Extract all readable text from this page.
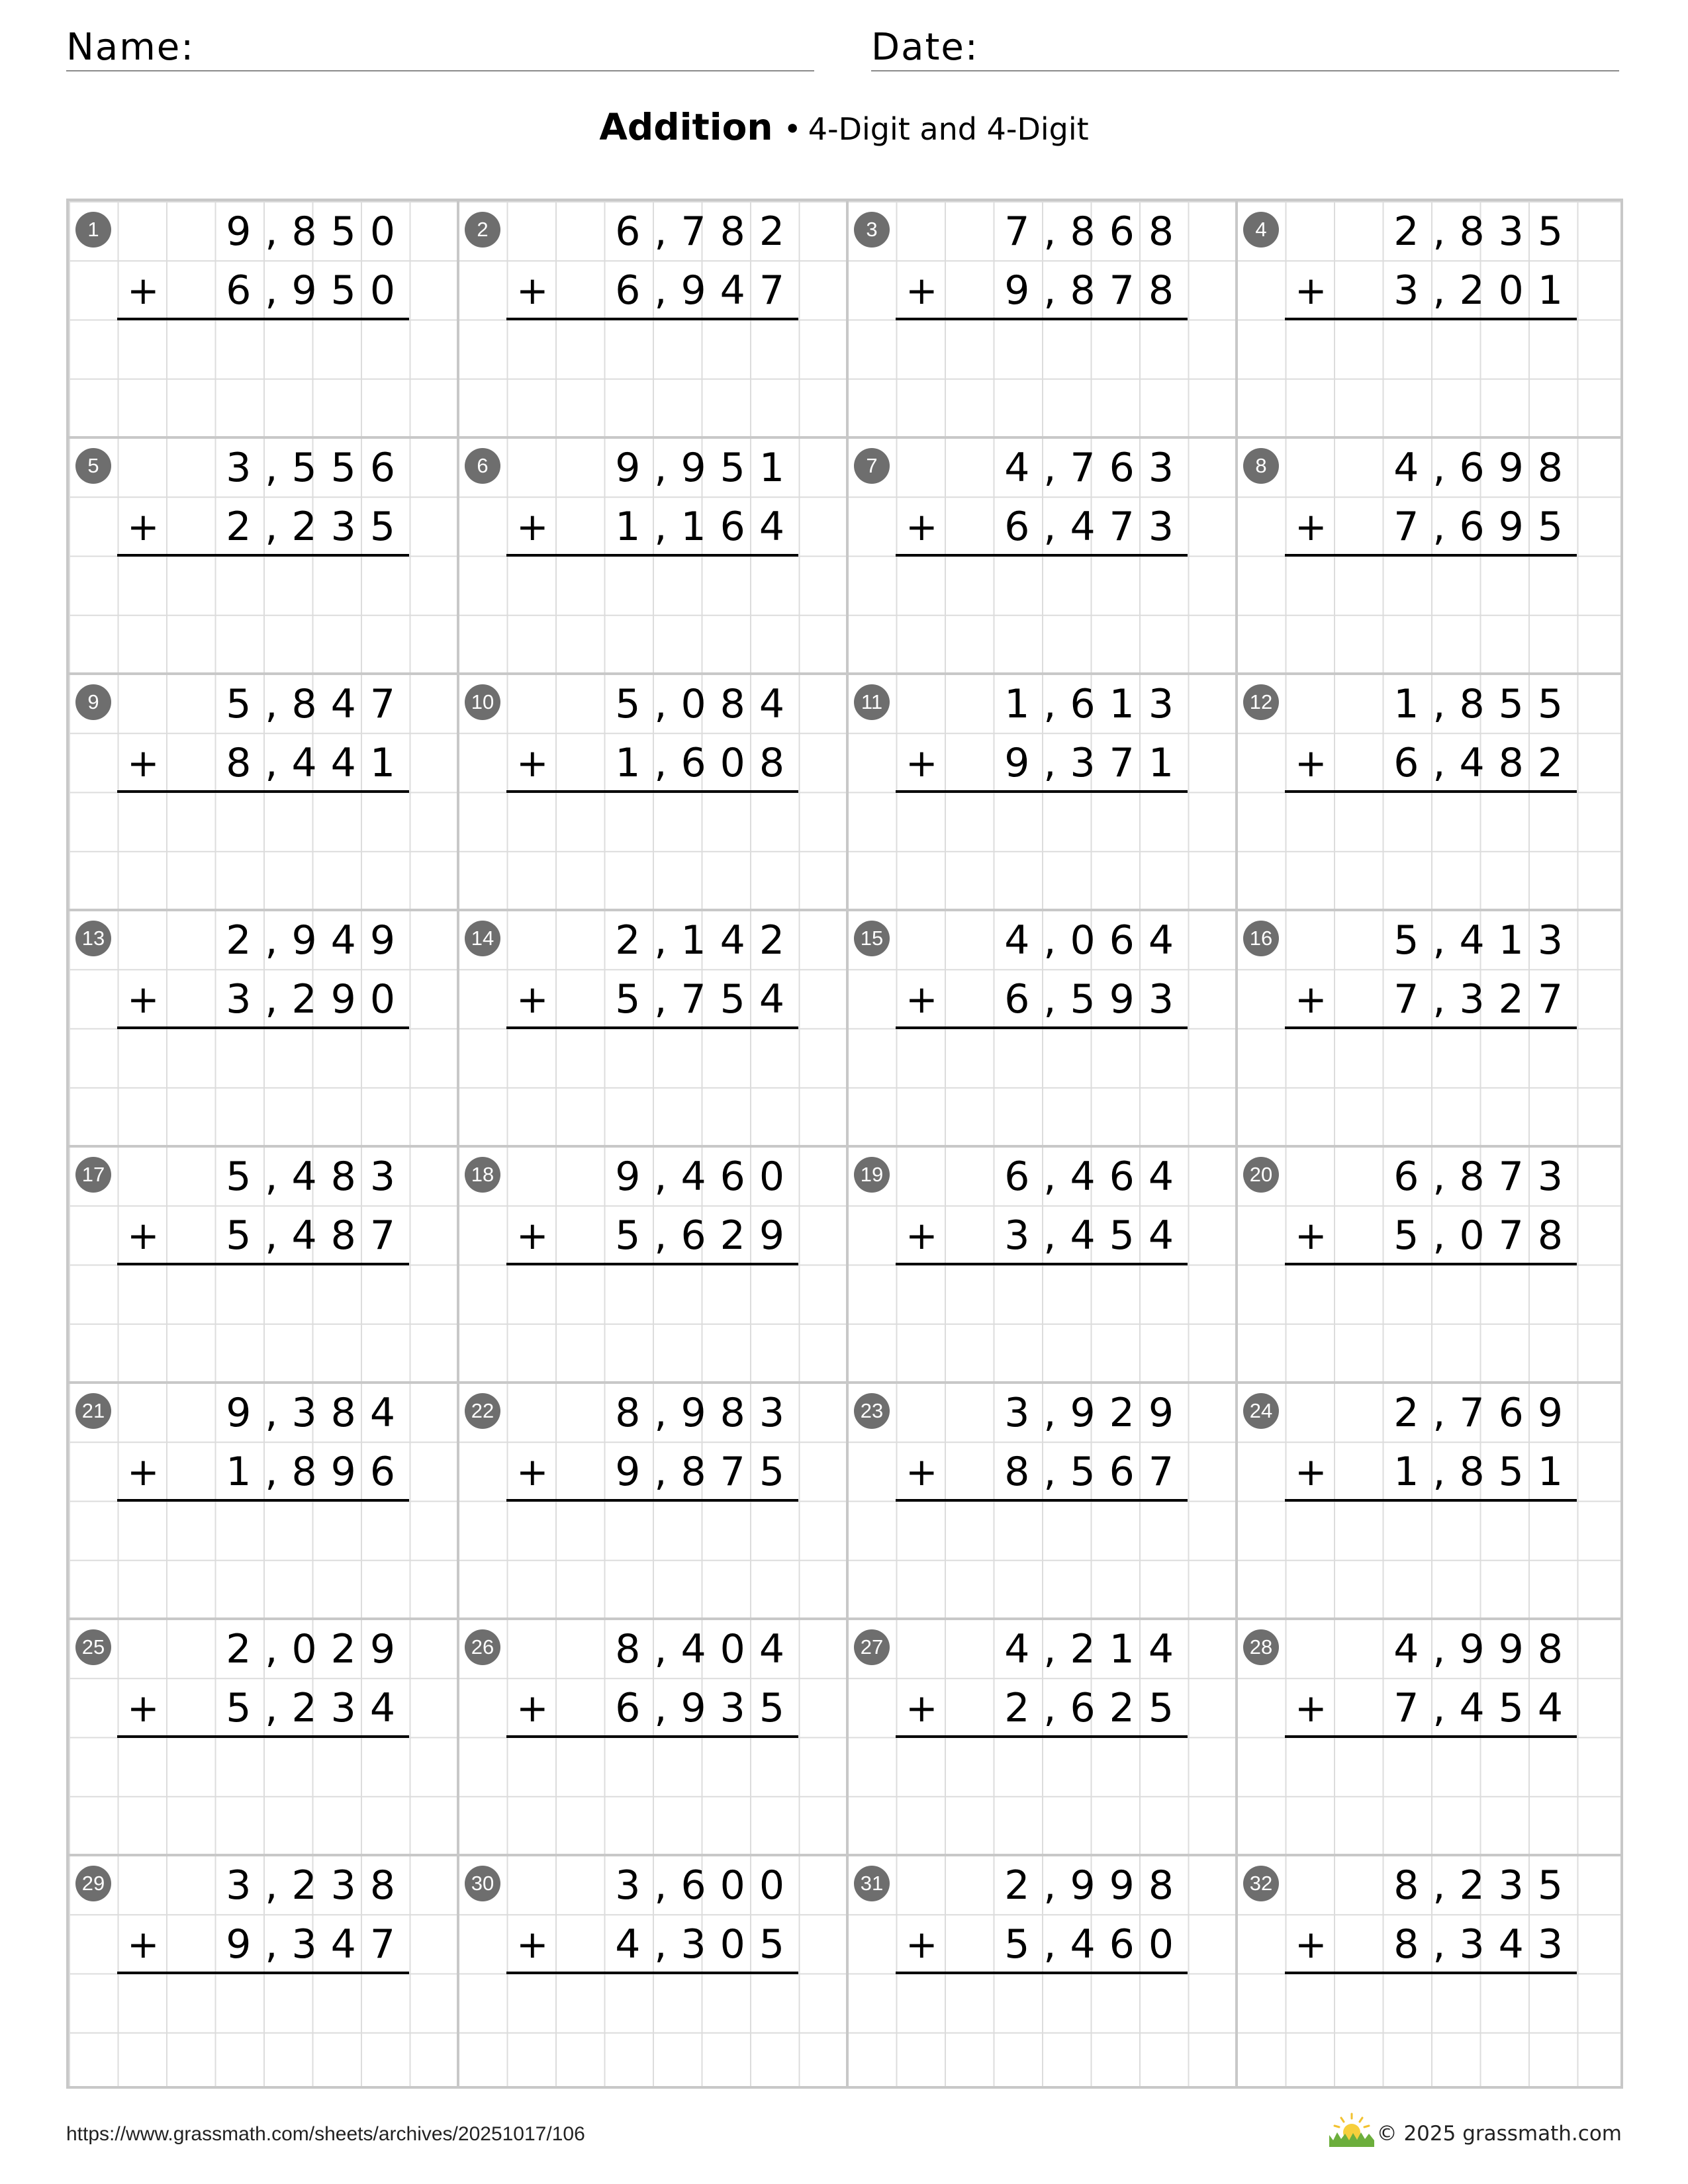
Name:	Date:
Addition • 4-Digit and 4-Digit
1	9,850
+ 6,950
2	6,782
+ 6,947
3	7,868
+ 9,878
4	2,835
+ 3,201
5	3,556
+ 2,235
6	9,951
+ 1,164
7	4,763
+ 6,473
8	4,698
+ 7,695
9	5,847
+ 8,441
10	5,084
+ 1,608
11	1,613
+ 9,371
12	1,855
+ 6,482
13	2,949
+ 3,290
14	2,142
+ 5,754
15	4,064
+ 6,593
16	5,413
+ 7,327
17	5,483
+ 5,487
18	9,460
+ 5,629
19	6,464
+ 3,454
20	6,873
+ 5,078
21	9,384
+ 1,896
22	8,983
+ 9,875
23	3,929
+ 8,567
24	2,769
+ 1,851
25	2,029
+ 5,234
26	8,404
+ 6,935
27	4,214
+ 2,625
28	4,998
+ 7,454
29	3,238
+ 9,347
30	3,600
+ 4,305
31	2,998
+ 5,460
32	8,235
+ 8,343
https://www.grassmath.com/sheets/archives/20251017/106	© 2025 grassmath.com
